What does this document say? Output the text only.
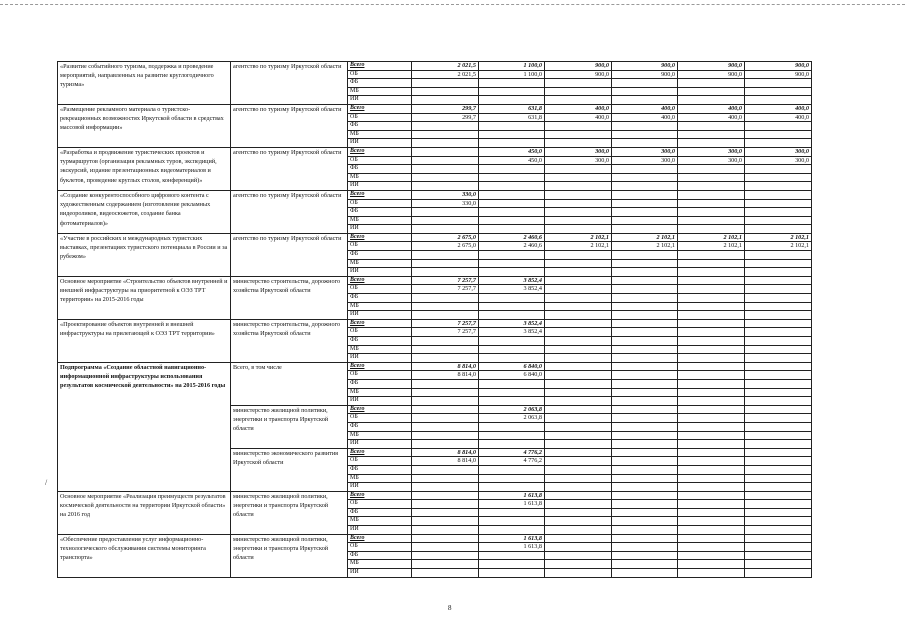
«Развитие событийного туризма, поддержка и проведение мероприятий, направленных на развитие круглогодичного туризма»	агентство по туризму Иркутской области	Всего	2 021,5	1 100,0	900,0	900,0	900,0	900,0
		ОБ	2 021,5	1 100,0	900,0	900,0	900,0	900,0
		ФБ						
		МБ						
		ИИ						
«Размещение рекламного материала о туристско-рекреационных возможностях Иркутской области в средствах массовой информации»	агентство по туризму Иркутской области	Всего	299,7	631,8	400,0	400,0	400,0	400,0
		ОБ	299,7	631,8	400,0	400,0	400,0	400,0
		ФБ						
		МБ						
		ИИ						
«Разработка и продвижение туристических проектов и турмаршрутов (организация рекламных туров, экспедиций, экскурсий, издание презентационных видеоматериалов и буклетов, проведение круглых столов, конференций)»	агентство по туризму Иркутской области	Всего		450,0	300,0	300,0	300,0	300,0
		ОБ		450,0	300,0	300,0	300,0	300,0
		ФБ						
		МБ						
		ИИ						
«Создание конкурентоспособного цифрового контента с художественным содержанием (изготовление рекламных видеороликов, видеосюжетов, создание банка фотоматериалов)»	агентство по туризму Иркутской области	Всего	330,0					
		ОБ	330,0					
		ФБ						
		МБ						
		ИИ						
«Участие в российских и международных туристских выставках, презентациях туристского потенциала в России и за рубежом»	агентство по туризму Иркутской области	Всего	2 675,0	2 460,6	2 102,1	2 102,1	2 102,1	2 102,1
		ОБ	2 675,0	2 460,6	2 102,1	2 102,1	2 102,1	2 102,1
		ФБ						
		МБ						
		ИИ						
Основное мероприятие «Строительство объектов внутренней и внешней инфраструктуры на приоритетной к ОЭЗ ТРТ территории» на 2015-2016 годы	министерство строительства, дорожного хозяйства Иркутской области	Всего	7 257,7	3 852,4				
		ОБ	7 257,7	3 852,4				
		ФБ						
		МБ						
		ИИ						
«Проектирование объектов внутренней и внешней инфраструктуры на прилегающей к ОЭЗ ТРТ территории»	министерство строительства, дорожного хозяйства Иркутской области	Всего	7 257,7	3 852,4				
		ОБ	7 257,7	3 852,4				
		ФБ						
		МБ						
		ИИ						
Подпрограмма «Создание областной навигационно-информационной инфраструктуры использования результатов космической деятельности» на 2015-2016 годы	Всего, в том числе	Всего	8 814,0	6 840,0				
		ОБ	8 814,0	6 840,0				
		ФБ						
		МБ						
		ИИ						
	министерство жилищной политики, энергетики и транспорта Иркутской области	Всего		2 063,8				
		ОБ		2 063,8				
		ФБ						
		МБ						
		ИИ						
	министерство экономического развития Иркутской области	Всего	8 814,0	4 776,2				
		ОБ	8 814,0	4 776,2				
		ФБ						
		МБ						
		ИИ						
Основное мероприятие «Реализация преимуществ результатов космической деятельности на территории Иркутской области» на 2016 год	министерство жилищной политики, энергетики и транспорта Иркутской области	Всего		1 613,8				
		ОБ		1 613,8				
		ФБ						
		МБ						
		ИИ						
«Обеспечение предоставления услуг информационно-технологического обслуживания системы мониторинга транспорта»	министерство жилищной политики, энергетики и транспорта Иркутской области	Всего		1 613,8				
		ОБ		1 613,8				
		ФБ						
		МБ						
		ИИ						
/
8
